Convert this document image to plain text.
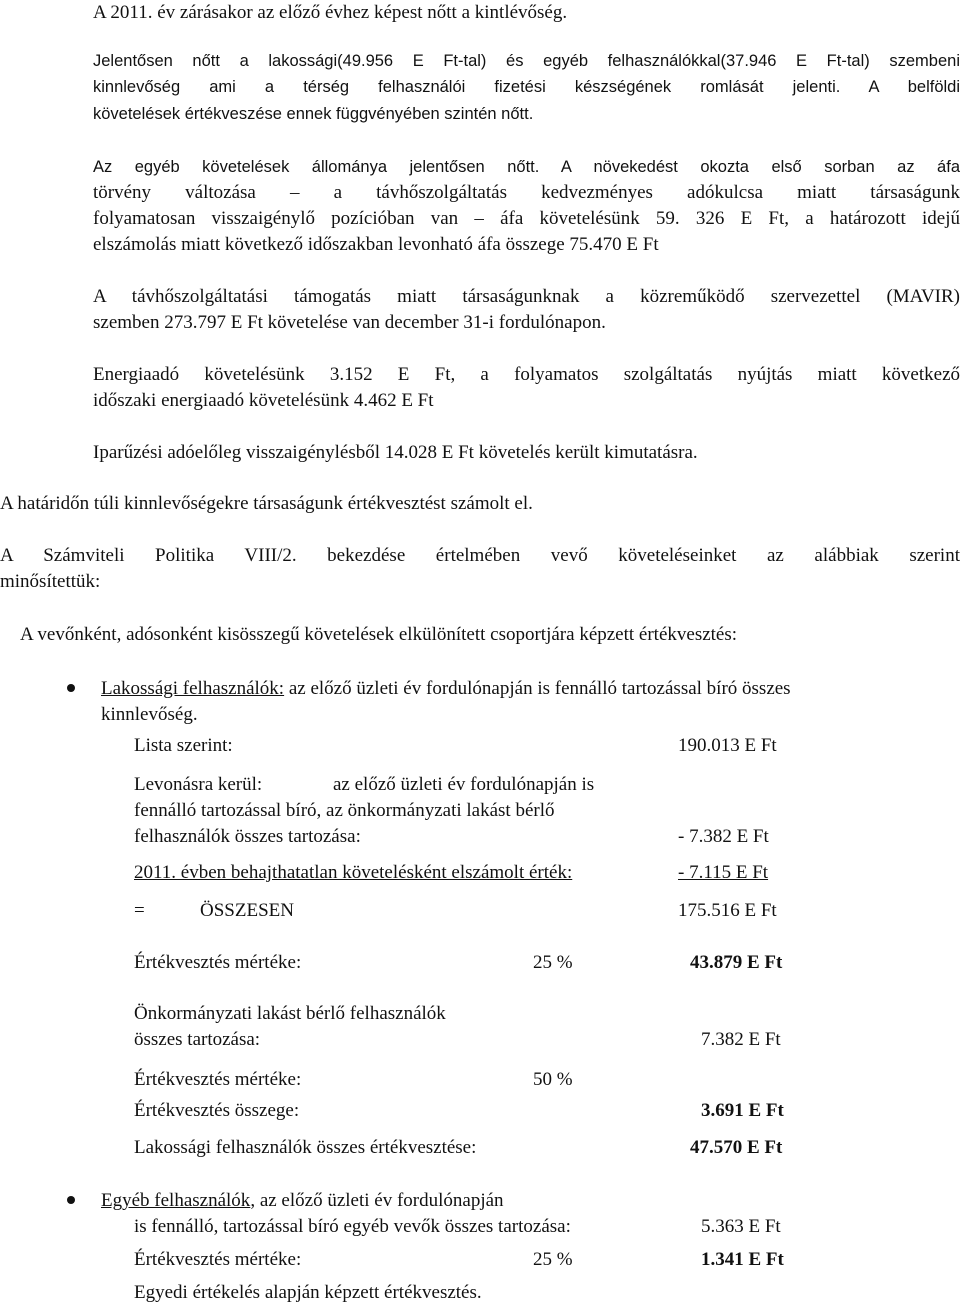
A 2011. év zárásakor az előző évhez képest nőtt a kintlévőség.
Jelentősen nőtt a lakossági(49.956 E Ft-tal) és egyéb felhasználókkal(37.946 E Ft-tal) szembeni
kinnlevőség ami a térség felhasználói fizetési készségének romlását jelenti. A belföldi
követelések értékveszése ennek függvényében szintén nőtt.
Az egyéb követelések állománya jelentősen nőtt. A növekedést okozta első sorban az áfa
törvény változása – a távhőszolgáltatás kedvezményes adókulcsa miatt társaságunk
folyamatosan visszaigénylő pozícióban van – áfa követelésünk 59. 326 E Ft, a határozott idejű
elszámolás miatt következő időszakban levonható áfa összege 75.470 E Ft
A távhőszolgáltatási támogatás miatt társaságunknak a közreműködő szervezettel (MAVIR)
szemben 273.797 E Ft követelése van december 31-i fordulónapon.
Energiaadó követelésünk 3.152 E Ft, a folyamatos szolgáltatás nyújtás miatt következő
időszaki energiaadó követelésünk 4.462 E Ft
Iparűzési adóelőleg visszaigénylésből 14.028 E Ft követelés került kimutatásra.
A határidőn túli kinnlevőségekre társaságunk értékvesztést számolt el.
A Számviteli Politika VIII/2. bekezdése értelmében vevő követeléseinket az alábbiak szerint
minősítettük:
A vevőnként, adósonként kisösszegű követelések elkülönített csoportjára képzett értékvesztés:
Lakossági felhasználók: az előző üzleti év fordulónapján is fennálló tartozással bíró összes
kinnlevőség.
Lista szerint:	190.013 E Ft
Levonásra kerül:	az előző üzleti év fordulónapján is
fennálló tartozással bíró, az önkormányzati lakást bérlő
felhasználók összes tartozása:	- 7.382 E Ft
2011. évben behajthatatlan követelésként elszámolt érték:	- 7.115 E Ft
=	ÖSSZESEN	175.516 E Ft
Értékvesztés mértéke:	25 %	43.879 E Ft
Önkormányzati lakást bérlő felhasználók
összes tartozása:	7.382 E Ft
Értékvesztés mértéke:	50 %
Értékvesztés összege:	3.691 E Ft
Lakossági felhasználók összes értékvesztése:	47.570 E Ft
Egyéb felhasználók, az előző üzleti év fordulónapján
is fennálló, tartozással bíró egyéb vevők összes tartozása:	5.363 E Ft
Értékvesztés mértéke:	25 %	1.341 E Ft
Egyedi értékelés alapján képzett értékvesztés.
